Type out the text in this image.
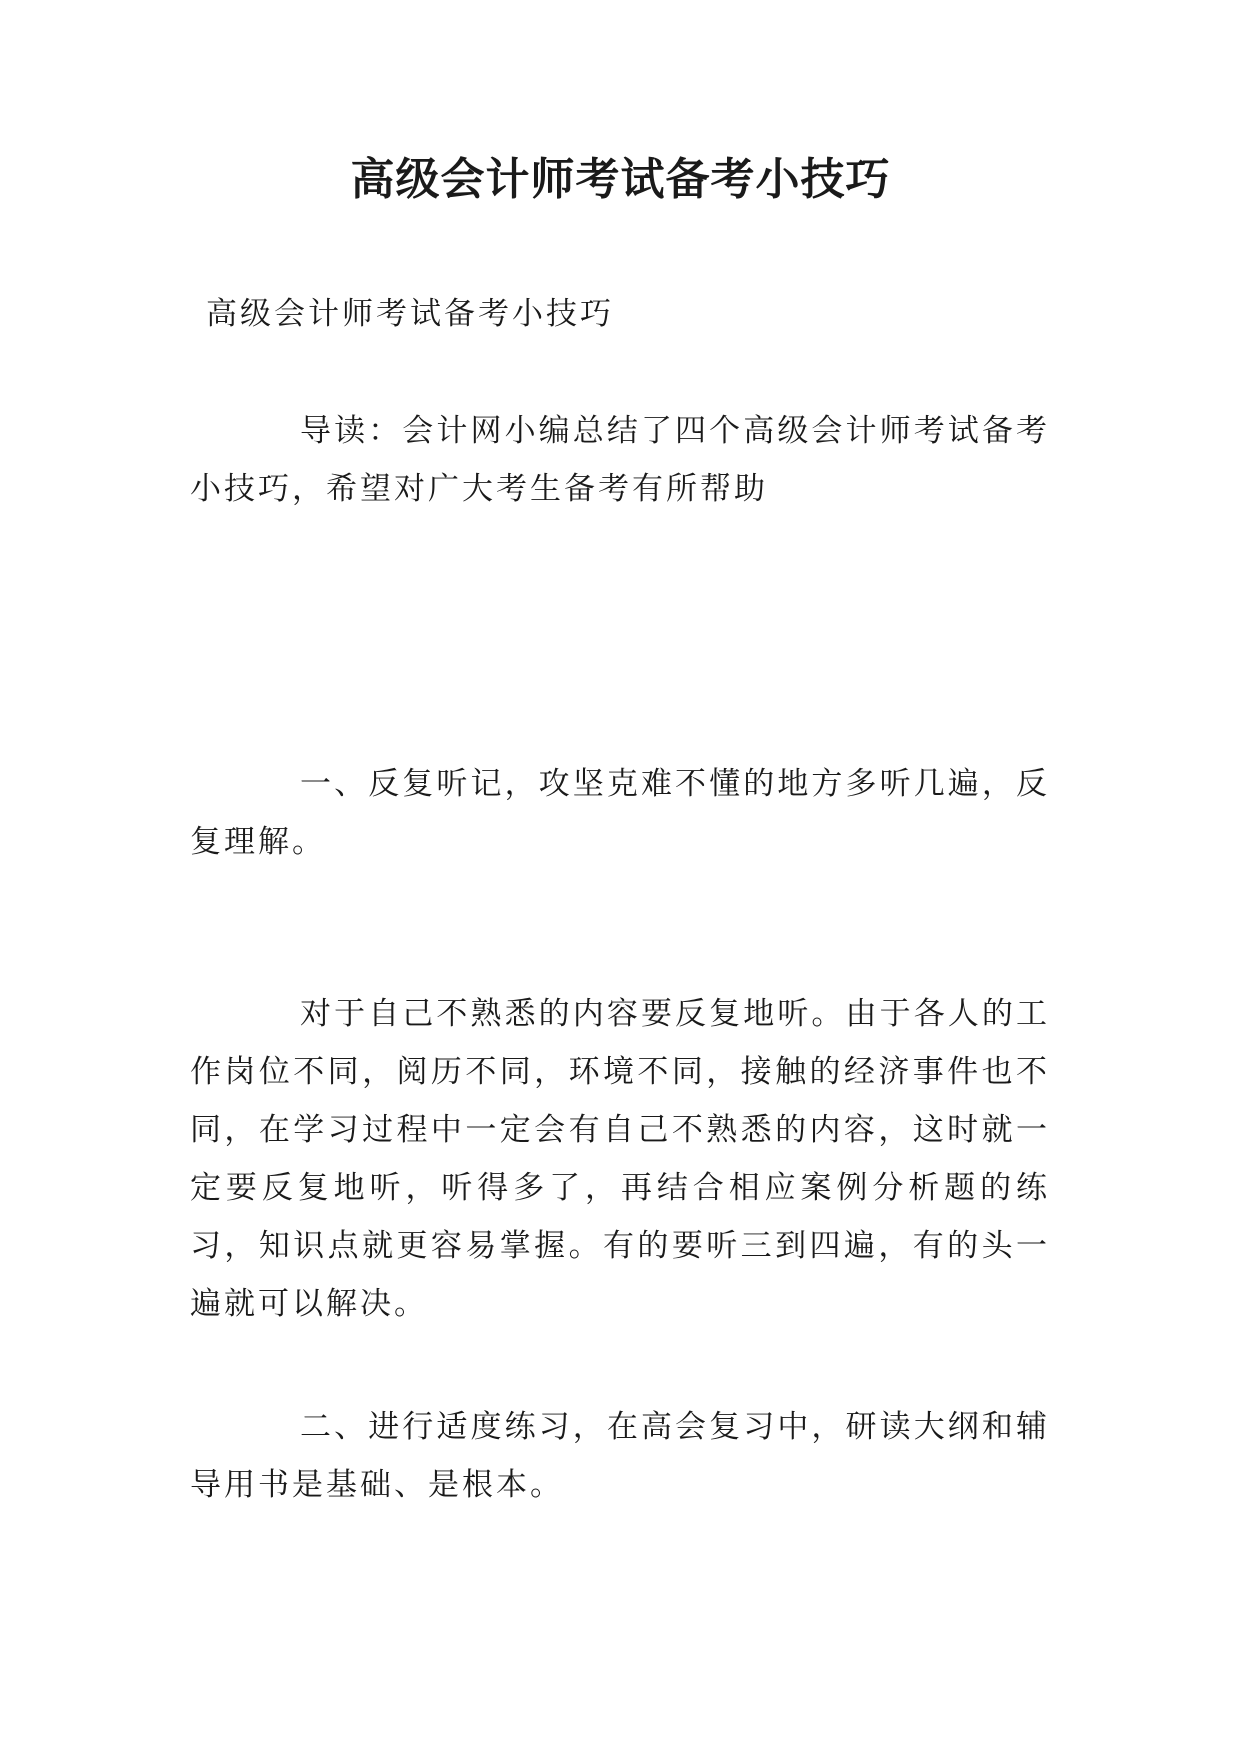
高级会计师考试备考小技巧
高级会计师考试备考小技巧

导读：会计网小编总结了四个高级会计师考试备考小技巧，希望对广大考生备考有所帮助

一、反复听记，攻坚克难不懂的地方多听几遍，反复理解。

对于自己不熟悉的内容要反复地听。由于各人的工作岗位不同，阅历不同，环境不同，接触的经济事件也不同，在学习过程中一定会有自己不熟悉的内容，这时就一定要反复地听，听得多了，再结合相应案例分析题的练习，知识点就更容易掌握。有的要听三到四遍，有的头一遍就可以解决。

二、进行适度练习，在高会复习中，研读大纲和辅导用书是基础、是根本。
